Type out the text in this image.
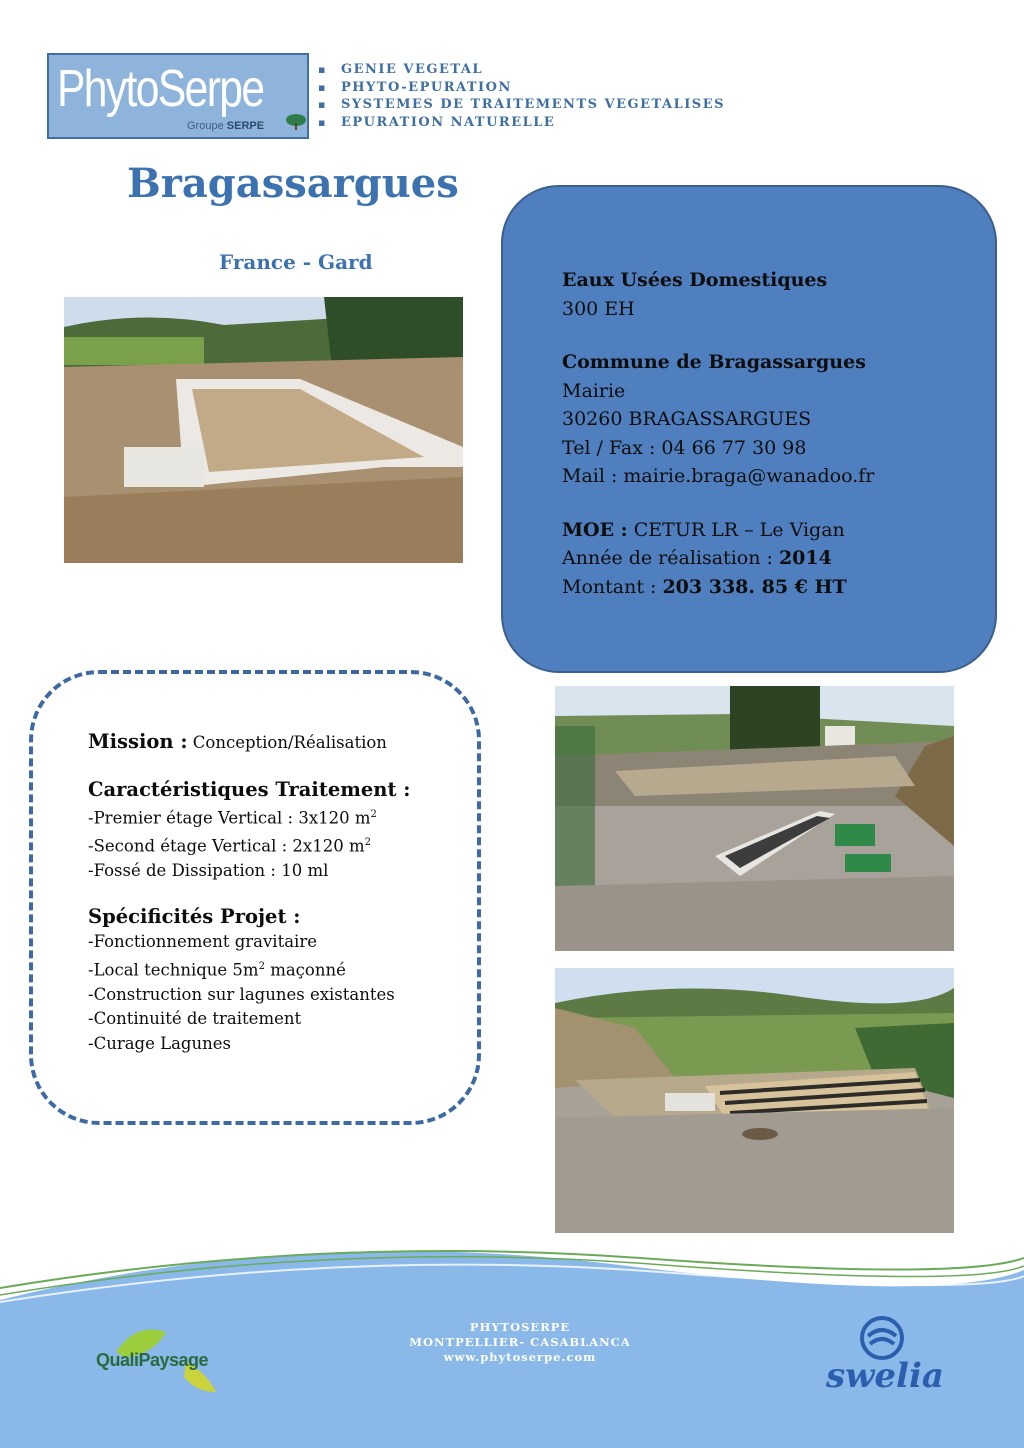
PhytoSerpe
Groupe SERPE
▪ GENIE VEGETAL
▪ PHYTO-EPURATION
▪ SYSTEMES DE TRAITEMENTS VEGETALISES
▪ EPURATION NATURELLE
Bragassargues
France - Gard
Eaux Usées Domestiques
300 EH
Commune de Bragassargues
Mairie
30260 BRAGASSARGUES
Tel / Fax : 04 66 77 30 98
Mail : mairie.braga@wanadoo.fr
MOE : CETUR LR – Le Vigan
Année de réalisation : 2014
Montant : 203 338. 85 € HT
Mission : Conception/Réalisation
Caractéristiques Traitement :
-Premier étage Vertical : 3x120 $m^2$
-Second étage Vertical : 2x120 $m^2$
-Fossé de Dissipation : 10 ml
Spécificités Projet :
-Fonctionnement gravitaire
-Local technique $5m^2$ maçonné
-Construction sur lagunes existantes
-Continuité de traitement
-Curage Lagunes
PHYTOSERPE
MONTPELLIER- CASABLANCA
www.phytoserpe.com
QualiPaysage	swelia
